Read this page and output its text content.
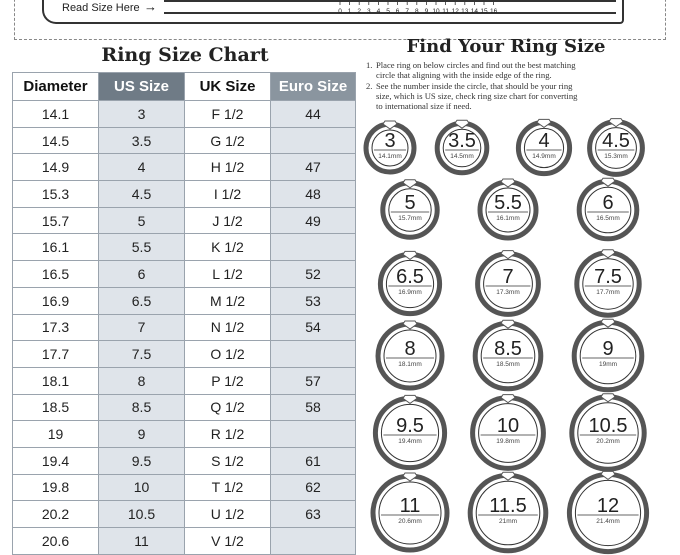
Read Size Here →	0 1 2 3 4 5 6 7 8 9 10 11 12 13 14 15 16
Ring Size Chart
Diameter	US Size	UK Size	Euro Size
14.1	3	F 1/2	44
14.5	3.5	G 1/2	
14.9	4	H 1/2	47
15.3	4.5	I 1/2	48
15.7	5	J 1/2	49
16.1	5.5	K 1/2	
16.5	6	L 1/2	52
16.9	6.5	M 1/2	53
17.3	7	N 1/2	54
17.7	7.5	O 1/2	
18.1	8	P 1/2	57
18.5	8.5	Q 1/2	58
19	9	R 1/2	
19.4	9.5	S 1/2	61
19.8	10	T 1/2	62
20.2	10.5	U 1/2	63
20.6	11	V 1/2	
Find Your Ring Size
1. Place ring on below circles and find out the best matching
circle that aligning with the inside edge of the ring.
2. See the number inside the circle, that should be your ring
size, which is US size, check ring size chart for converting
to international size if need.
3
14.1mm
3.5
14.5mm
4
14.9mm
4.5
15.3mm
5
15.7mm
5.5
16.1mm
6
16.5mm
6.5
16.9mm
7
17.3mm
7.5
17.7mm
8
18.1mm
8.5
18.5mm
9
19mm
9.5
19.4mm
10
19.8mm
10.5
20.2mm
11
20.6mm
11.5
21mm
12
21.4mm
